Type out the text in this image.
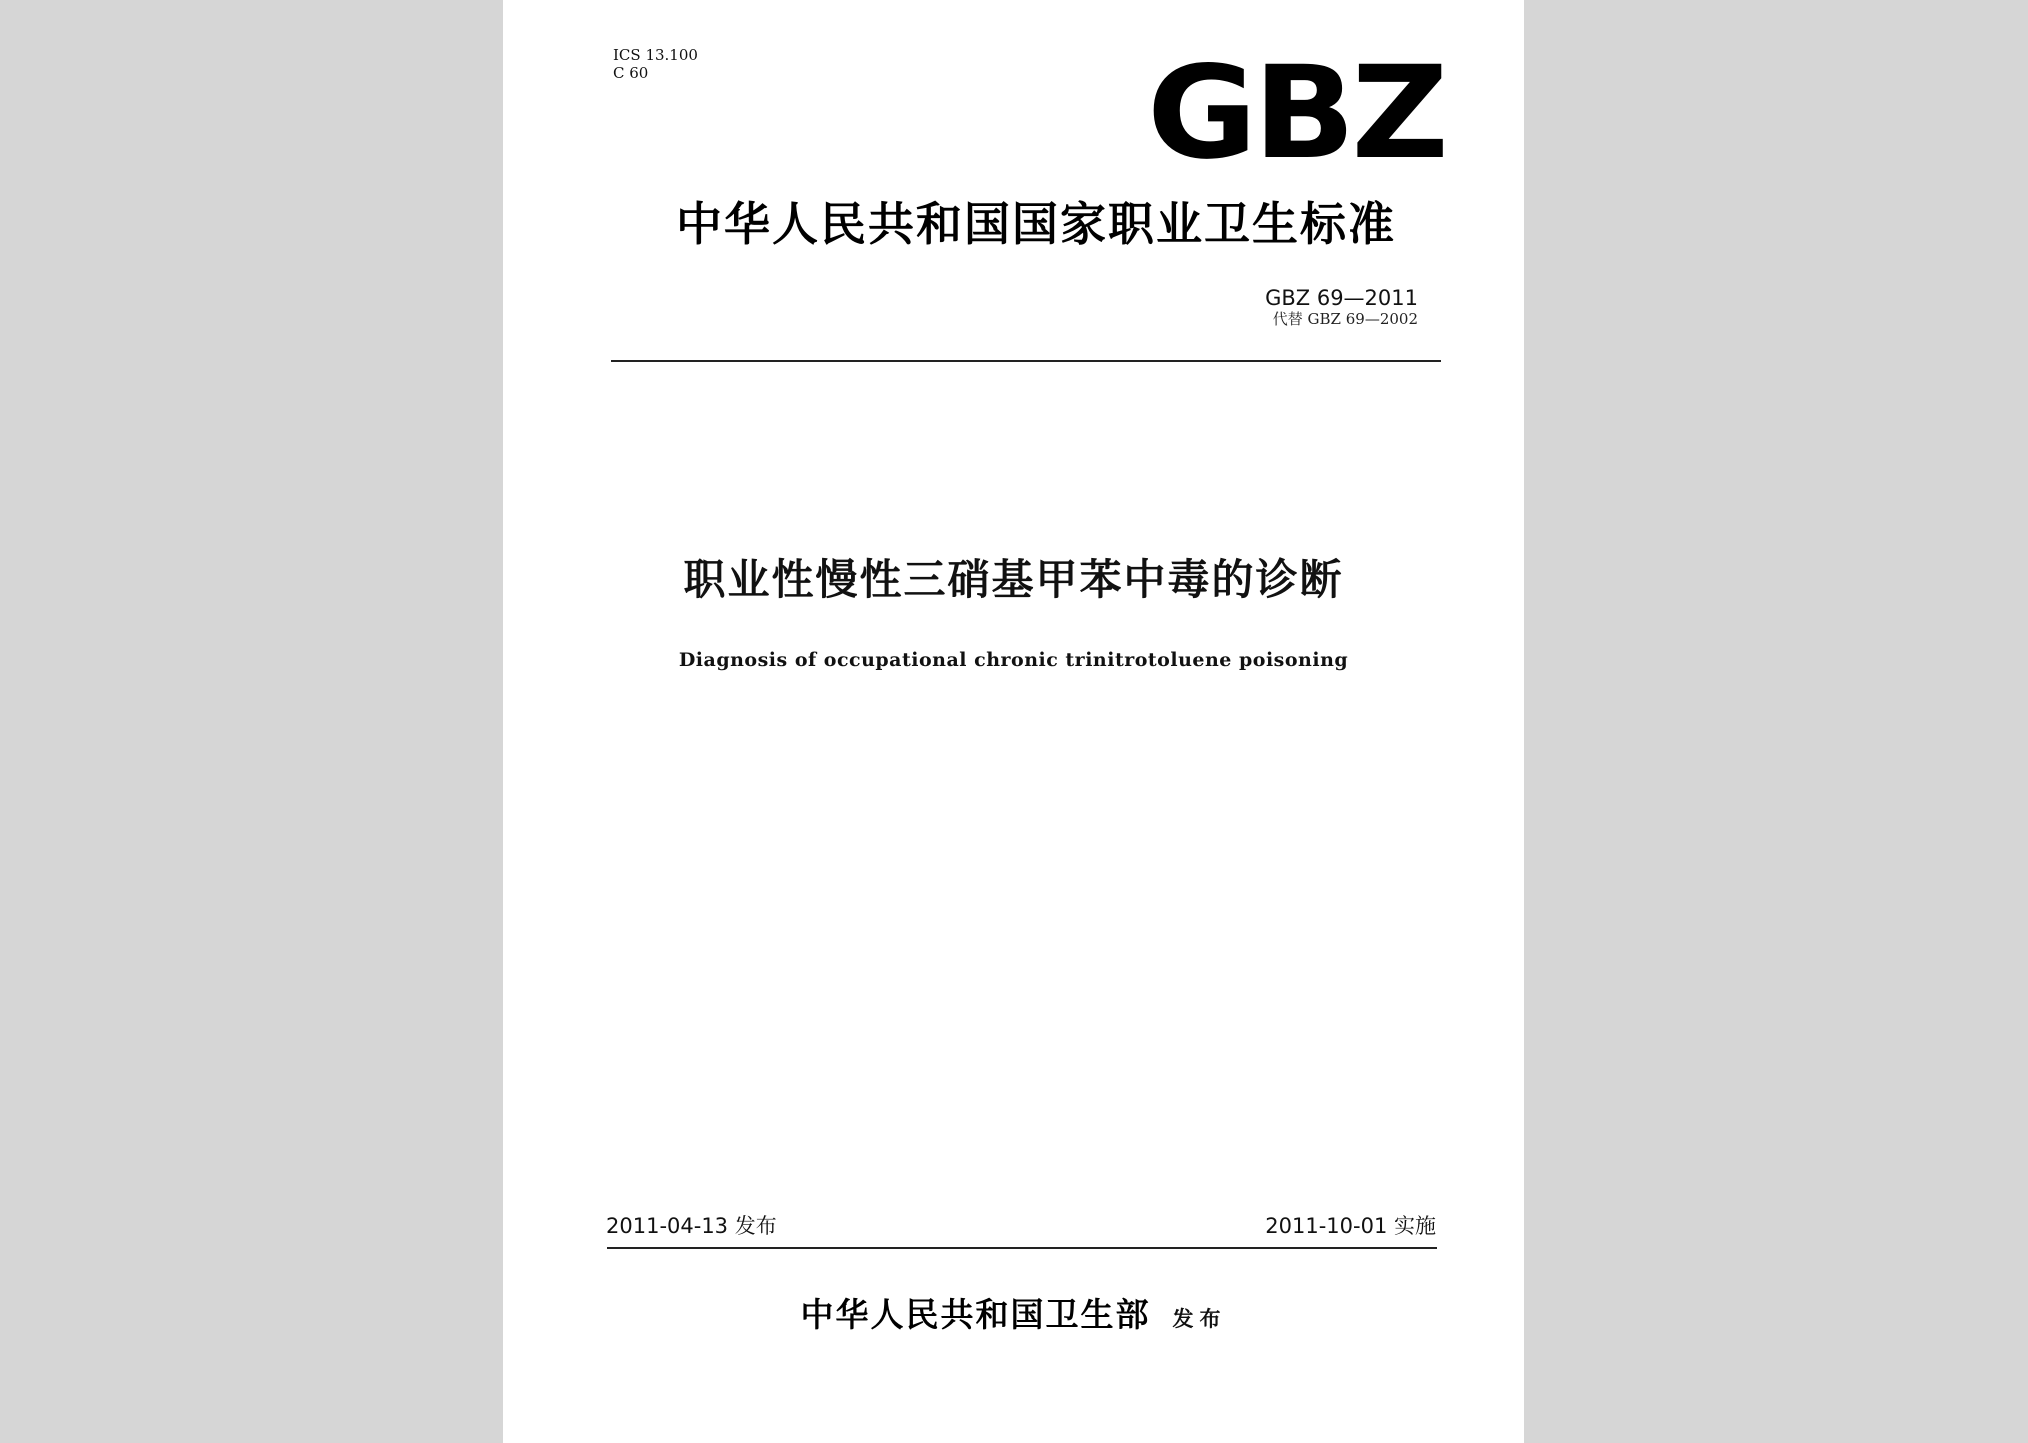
ICS 13.100

C 60	GBZ
中华人民共和国国家职业卫生标准
GBZ 69—2011
代替 GBZ 69—2002
职业性慢性三硝基甲苯中毒的诊断
Diagnosis of occupational chronic trinitrotoluene poisoning
2011-04-13 发布	2011-10-01 实施
中华人民共和国卫生部 发布
